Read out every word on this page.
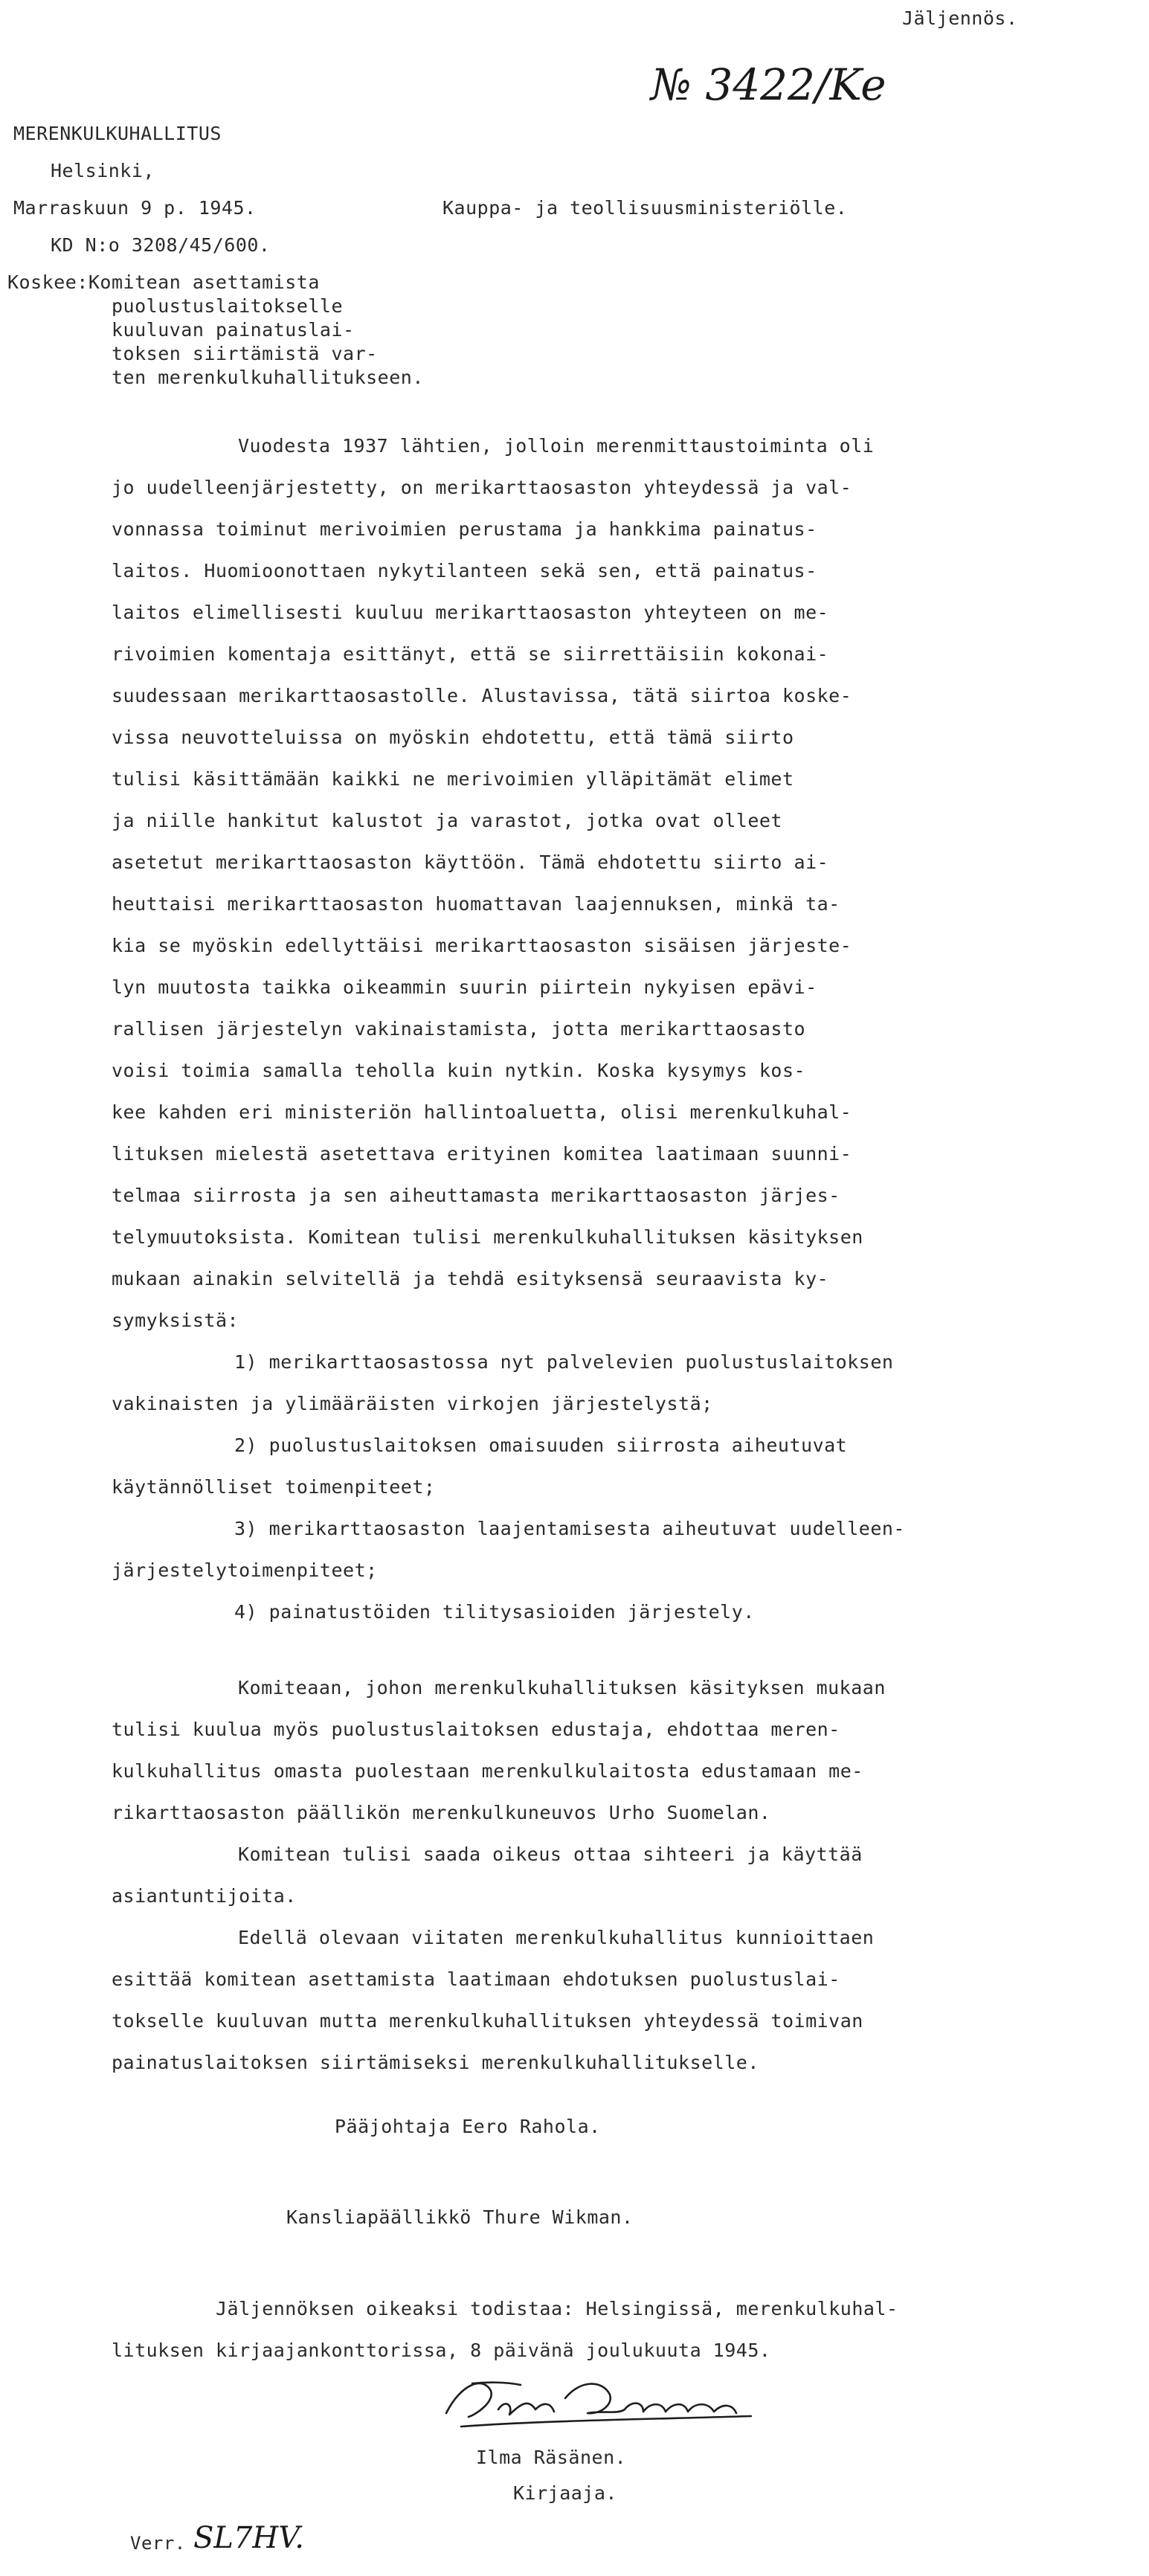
Jäljennös.
№ 3422/Ke
MERENKULKUHALLITUS
Helsinki,
Marraskuun 9 p. 1945.	Kauppa- ja teollisuusministeriölle.
KD N:o 3208/45/600.
Koskee:Komitean asettamista
puolustuslaitokselle
kuuluvan painatuslai-
toksen siirtämistä var-
ten merenkulkuhallitukseen.
Vuodesta 1937 lähtien, jolloin merenmittaustoiminta oli
jo uudelleenjärjestetty, on merikarttaosaston yhteydessä ja val-
vonnassa toiminut merivoimien perustama ja hankkima painatus-
laitos. Huomioonottaen nykytilanteen sekä sen, että painatus-
laitos elimellisesti kuuluu merikarttaosaston yhteyteen on me-
rivoimien komentaja esittänyt, että se siirrettäisiin kokonai-
suudessaan merikarttaosastolle. Alustavissa, tätä siirtoa koske-
vissa neuvotteluissa on myöskin ehdotettu, että tämä siirto
tulisi käsittämään kaikki ne merivoimien ylläpitämät elimet
ja niille hankitut kalustot ja varastot, jotka ovat olleet
asetetut merikarttaosaston käyttöön. Tämä ehdotettu siirto ai-
heuttaisi merikarttaosaston huomattavan laajennuksen, minkä ta-
kia se myöskin edellyttäisi merikarttaosaston sisäisen järjeste-
lyn muutosta taikka oikeammin suurin piirtein nykyisen epävi-
rallisen järjestelyn vakinaistamista, jotta merikarttaosasto
voisi toimia samalla teholla kuin nytkin. Koska kysymys kos-
kee kahden eri ministeriön hallintoaluetta, olisi merenkulkuhal-
lituksen mielestä asetettava erityinen komitea laatimaan suunni-
telmaa siirrosta ja sen aiheuttamasta merikarttaosaston järjes-
telymuutoksista. Komitean tulisi merenkulkuhallituksen käsityksen
mukaan ainakin selvitellä ja tehdä esityksensä seuraavista ky-
symyksistä:
1) merikarttaosastossa nyt palvelevien puolustuslaitoksen
vakinaisten ja ylimääräisten virkojen järjestelystä;
2) puolustuslaitoksen omaisuuden siirrosta aiheutuvat
käytännölliset toimenpiteet;
3) merikarttaosaston laajentamisesta aiheutuvat uudelleen-
järjestelytoimenpiteet;
4) painatustöiden tilitysasioiden järjestely.
Komiteaan, johon merenkulkuhallituksen käsityksen mukaan
tulisi kuulua myös puolustuslaitoksen edustaja, ehdottaa meren-
kulkuhallitus omasta puolestaan merenkulkulaitosta edustamaan me-
rikarttaosaston päällikön merenkulkuneuvos Urho Suomelan.
Komitean tulisi saada oikeus ottaa sihteeri ja käyttää
asiantuntijoita.
Edellä olevaan viitaten merenkulkuhallitus kunnioittaen
esittää komitean asettamista laatimaan ehdotuksen puolustuslai-
tokselle kuuluvan mutta merenkulkuhallituksen yhteydessä toimivan
painatuslaitoksen siirtämiseksi merenkulkuhallitukselle.
Pääjohtaja Eero Rahola.
Kansliapäällikkö Thure Wikman.
Jäljennöksen oikeaksi todistaa: Helsingissä, merenkulkuhal-
lituksen kirjaajankonttorissa, 8 päivänä joulukuuta 1945.
Ilma Räsänen.
Kirjaaja.
Verr. SL7HV.
